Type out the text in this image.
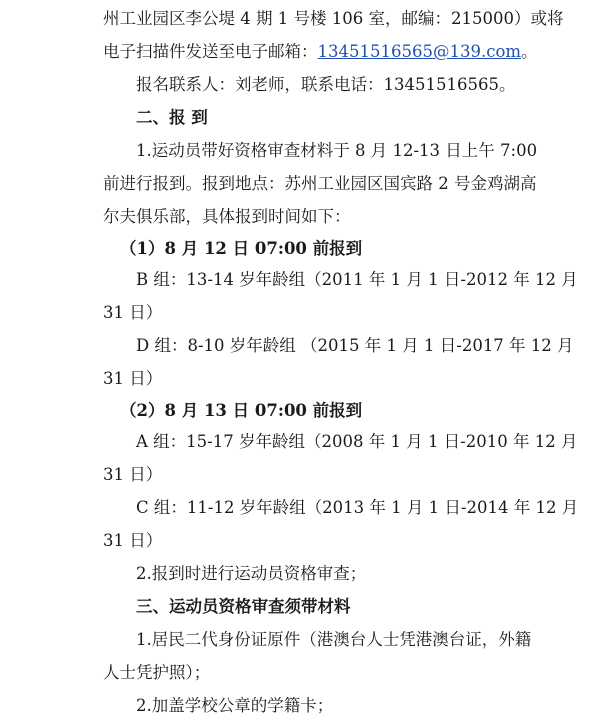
州工业园区李公堤 4 期 1 号楼 106 室，邮编：215000）或将
电子扫描件发送至电子邮箱：13451516565@139.com。
报名联系人：刘老师，联系电话：13451516565。
二、报 到
1.运动员带好资格审查材料于 8 月 12-13 日上午 7:00
前进行报到。报到地点：苏州工业园区国宾路 2 号金鸡湖高
尔夫俱乐部，具体报到时间如下：
（1）8 月 12 日 07:00 前报到
B 组：13-14 岁年龄组（2011 年 1 月 1 日-2012 年 12 月
31 日）
D 组：8-10 岁年龄组 （2015 年 1 月 1 日-2017 年 12 月
31 日）
（2）8 月 13 日 07:00 前报到
A 组：15-17 岁年龄组（2008 年 1 月 1 日-2010 年 12 月
31 日）
C 组：11-12 岁年龄组（2013 年 1 月 1 日-2014 年 12 月
31 日）
2.报到时进行运动员资格审查；
三、运动员资格审查须带材料
1.居民二代身份证原件（港澳台人士凭港澳台证，外籍
人士凭护照）；
2.加盖学校公章的学籍卡；
